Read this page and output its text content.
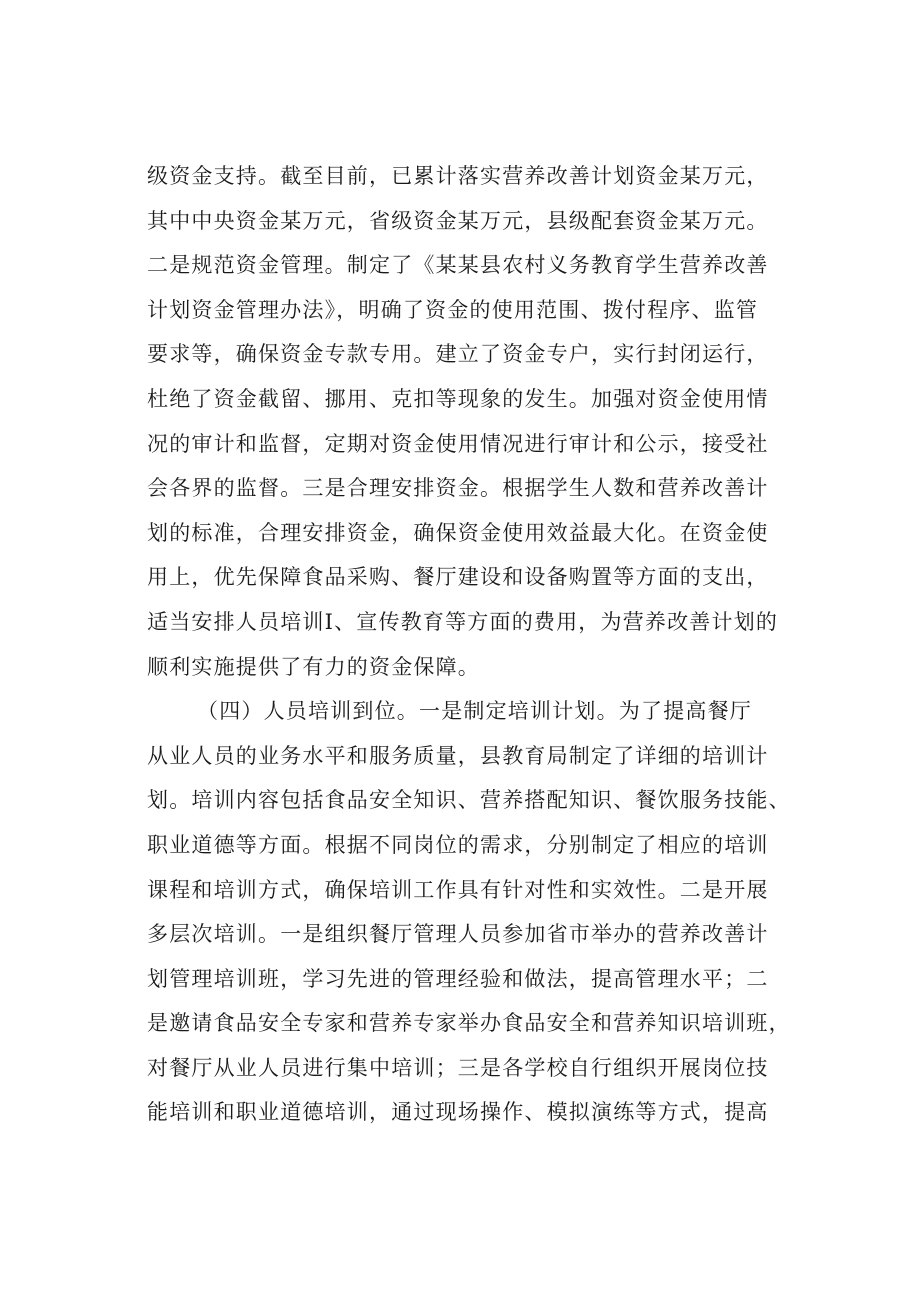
级资金支持。截至目前，已累计落实营养改善计划资金某万元，
其中中央资金某万元，省级资金某万元，县级配套资金某万元。
二是规范资金管理。制定了《某某县农村义务教育学生营养改善
计划资金管理办法》，明确了资金的使用范围、拨付程序、监管
要求等，确保资金专款专用。建立了资金专户，实行封闭运行，
杜绝了资金截留、挪用、克扣等现象的发生。加强对资金使用情
况的审计和监督，定期对资金使用情况进行审计和公示，接受社
会各界的监督。三是合理安排资金。根据学生人数和营养改善计
划的标准，合理安排资金，确保资金使用效益最大化。在资金使
用上，优先保障食品采购、餐厅建设和设备购置等方面的支出，
适当安排人员培训I、宣传教育等方面的费用，为营养改善计划的
顺利实施提供了有力的资金保障。
（四）人员培训到位。一是制定培训计划。为了提高餐厅
从业人员的业务水平和服务质量，县教育局制定了详细的培训计
划。培训内容包括食品安全知识、营养搭配知识、餐饮服务技能、
职业道德等方面。根据不同岗位的需求，分别制定了相应的培训
课程和培训方式，确保培训工作具有针对性和实效性。二是开展
多层次培训。一是组织餐厅管理人员参加省市举办的营养改善计
划管理培训班，学习先进的管理经验和做法，提高管理水平；二
是邀请食品安全专家和营养专家举办食品安全和营养知识培训班，
对餐厅从业人员进行集中培训；三是各学校自行组织开展岗位技
能培训和职业道德培训，通过现场操作、模拟演练等方式，提高
